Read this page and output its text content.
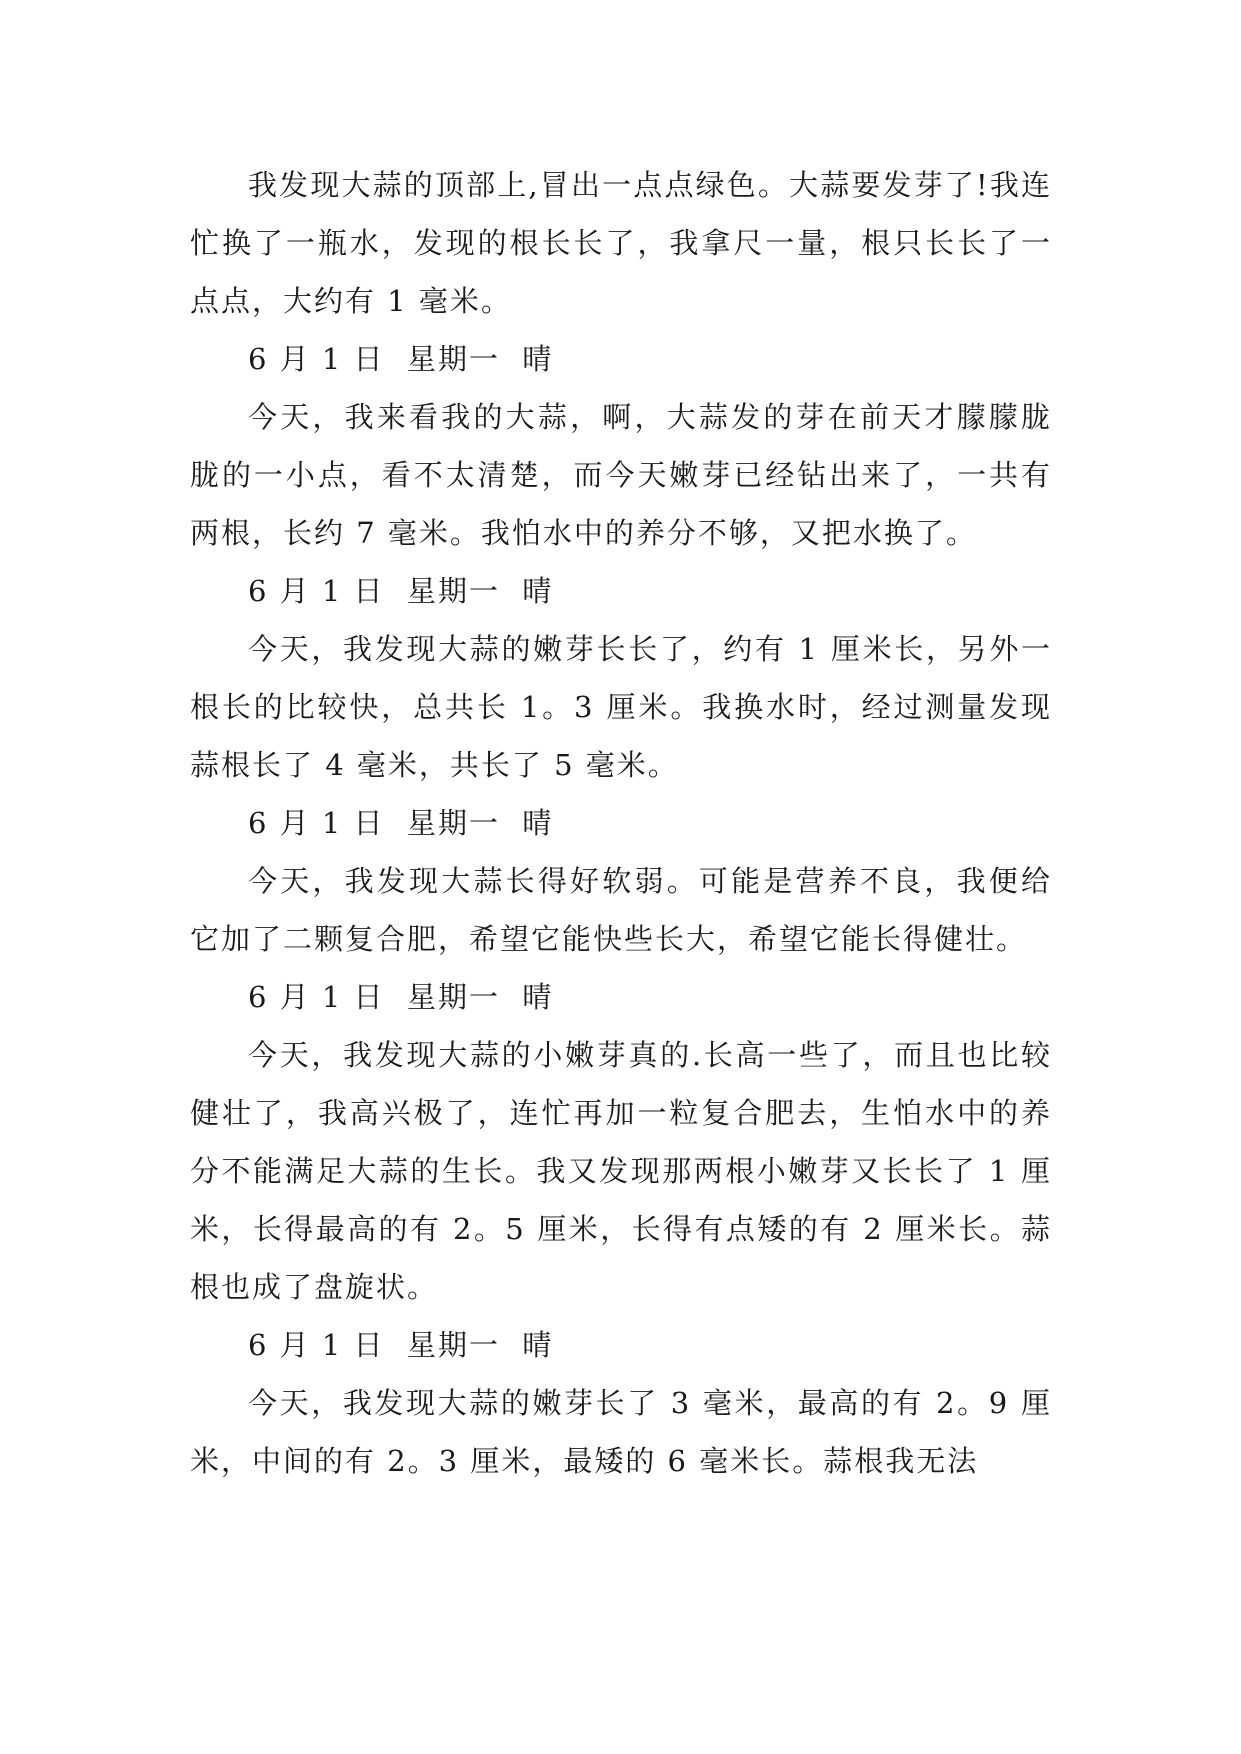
我发现大蒜的顶部上,冒出一点点绿色。大蒜要发芽了!我连忙换了一瓶水，发现的根长长了，我拿尺一量，根只长长了一点点，大约有 1 毫米。

6 月 1 日  星期一  晴

今天，我来看我的大蒜，啊，大蒜发的芽在前天才朦朦胧胧的一小点，看不太清楚，而今天嫩芽已经钻出来了，一共有两根，长约 7 毫米。我怕水中的养分不够，又把水换了。

6 月 1 日  星期一  晴

今天，我发现大蒜的嫩芽长长了，约有 1 厘米长，另外一根长的比较快，总共长 1。3 厘米。我换水时，经过测量发现蒜根长了 4 毫米，共长了 5 毫米。

6 月 1 日  星期一  晴

今天，我发现大蒜长得好软弱。可能是营养不良，我便给它加了二颗复合肥，希望它能快些长大，希望它能长得健壮。

6 月 1 日  星期一  晴

今天，我发现大蒜的小嫩芽真的.长高一些了，而且也比较健壮了，我高兴极了，连忙再加一粒复合肥去，生怕水中的养分不能满足大蒜的生长。我又发现那两根小嫩芽又长长了 1 厘米，长得最高的有 2。5 厘米，长得有点矮的有 2 厘米长。蒜根也成了盘旋状。

6 月 1 日  星期一  晴

今天，我发现大蒜的嫩芽长了 3 毫米，最高的有 2。9 厘米，中间的有 2。3 厘米，最矮的 6 毫米长。蒜根我无法
